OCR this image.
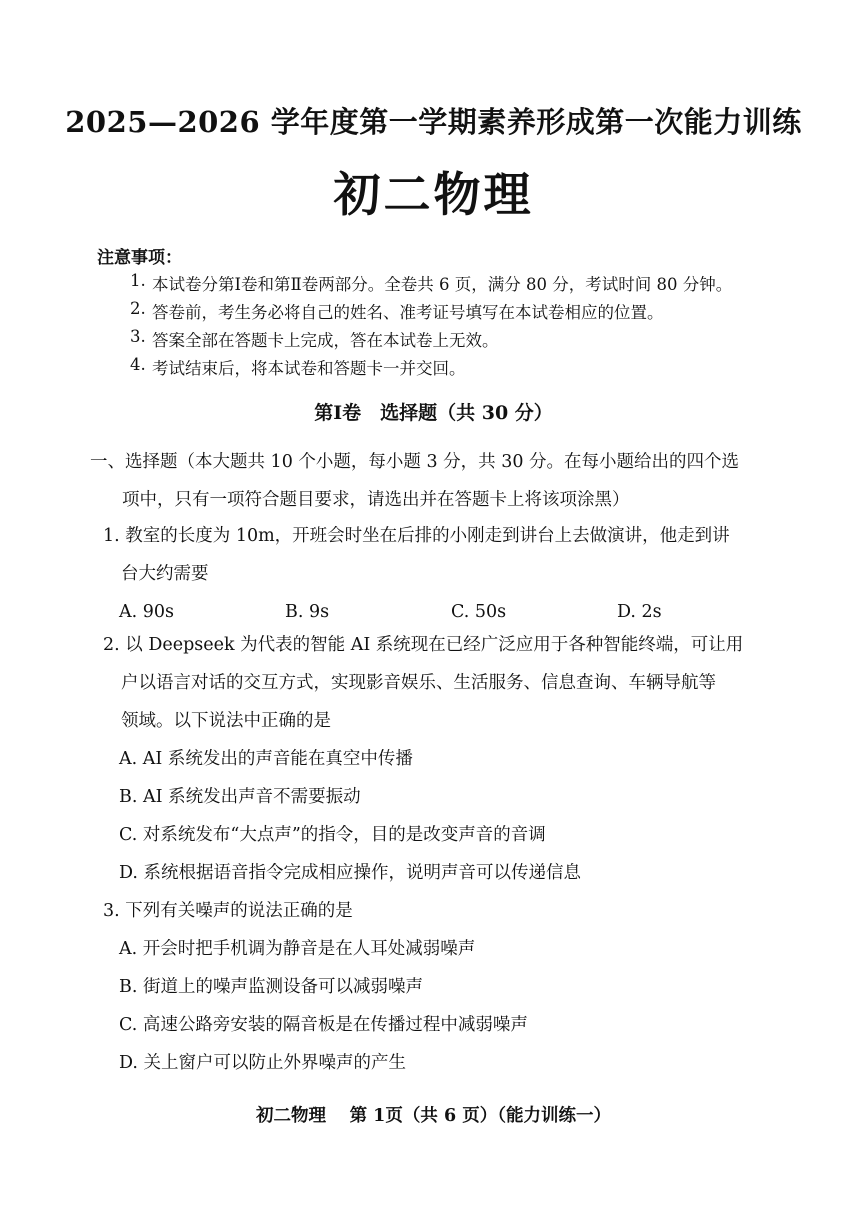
2025—2026 学年度第一学期素养形成第一次能力训练
初二物理
注意事项：
1. 本试卷分第Ⅰ卷和第Ⅱ卷两部分。全卷共 6 页，满分 80 分，考试时间 80 分钟。
2. 答卷前，考生务必将自己的姓名、准考证号填写在本试卷相应的位置。
3. 答案全部在答题卡上完成，答在本试卷上无效。
4. 考试结束后，将本试卷和答题卡一并交回。
第Ⅰ卷　选择题（共 30 分）
一、选择题（本大题共 10 个小题，每小题 3 分，共 30 分。在每小题给出的四个选
项中，只有一项符合题目要求，请选出并在答题卡上将该项涂黑）
1. 教室的长度为 10m，开班会时坐在后排的小刚走到讲台上去做演讲，他走到讲
台大约需要
A. 90s	B. 9s	C. 50s	D. 2s
2. 以 Deepseek 为代表的智能 AI 系统现在已经广泛应用于各种智能终端，可让用
户以语言对话的交互方式，实现影音娱乐、生活服务、信息查询、车辆导航等
领域。以下说法中正确的是
A. AI 系统发出的声音能在真空中传播
B. AI 系统发出声音不需要振动
C. 对系统发布“大点声”的指令，目的是改变声音的音调
D. 系统根据语音指令完成相应操作，说明声音可以传递信息
3. 下列有关噪声的说法正确的是
A. 开会时把手机调为静音是在人耳处减弱噪声
B. 街道上的噪声监测设备可以减弱噪声
C. 高速公路旁安装的隔音板是在传播过程中减弱噪声
D. 关上窗户可以防止外界噪声的产生
初二物理　 第 1页（共 6 页）（能力训练一）
